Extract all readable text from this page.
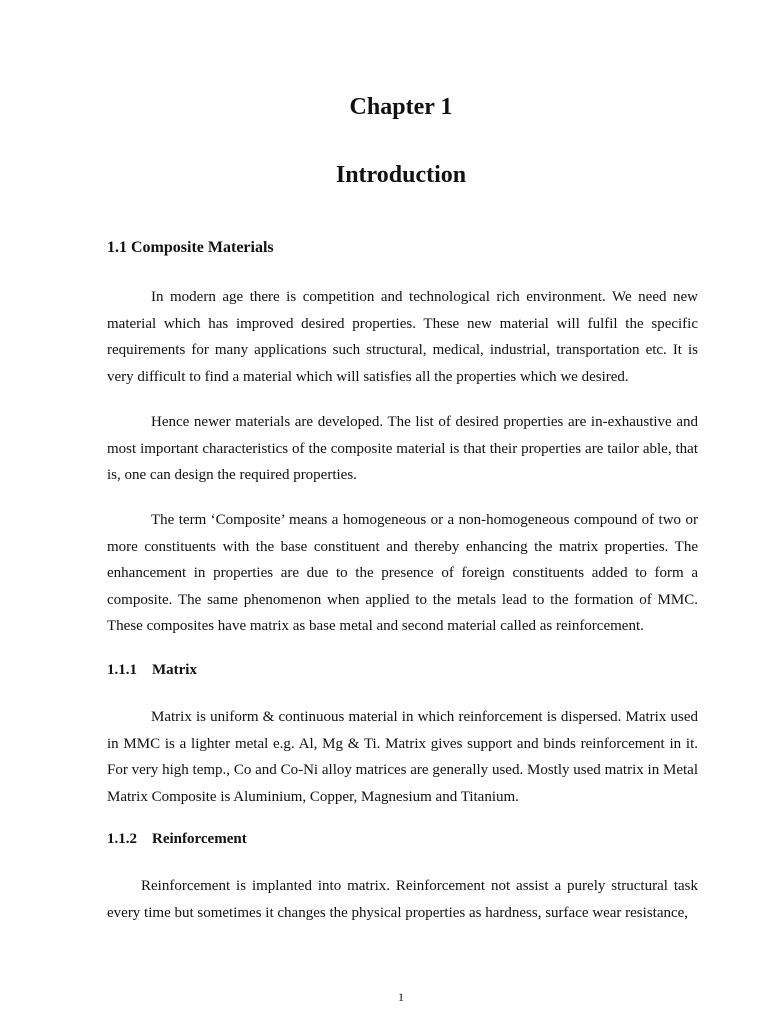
Chapter 1
Introduction
1.1 Composite Materials

In modern age there is competition and technological rich environment. We need new material which has improved desired properties. These new material will fulfil the specific requirements for many applications such structural, medical, industrial, transportation etc. It is very difficult to find a material which will satisfies all the properties which we desired.

Hence newer materials are developed. The list of desired properties are in-exhaustive and most important characteristics of the composite material is that their properties are tailor able, that is, one can design the required properties.

The term ‘Composite’ means a homogeneous or a non-homogeneous compound of two or more constituents with the base constituent and thereby enhancing the matrix properties. The enhancement in properties are due to the presence of foreign constituents added to form a composite. The same phenomenon when applied to the metals lead to the formation of MMC. These composites have matrix as base metal and second material called as reinforcement.

1.1.1    Matrix

Matrix is uniform & continuous material in which reinforcement is dispersed. Matrix used in MMC is a lighter metal e.g. Al, Mg & Ti. Matrix gives support and binds reinforcement in it. For very high temp., Co and Co-Ni alloy matrices are generally used. Mostly used matrix in Metal Matrix Composite is Aluminium, Copper, Magnesium and Titanium.

1.1.2    Reinforcement

Reinforcement is implanted into matrix. Reinforcement not assist a purely structural task every time but sometimes it changes the physical properties as hardness, surface wear resistance,

1
